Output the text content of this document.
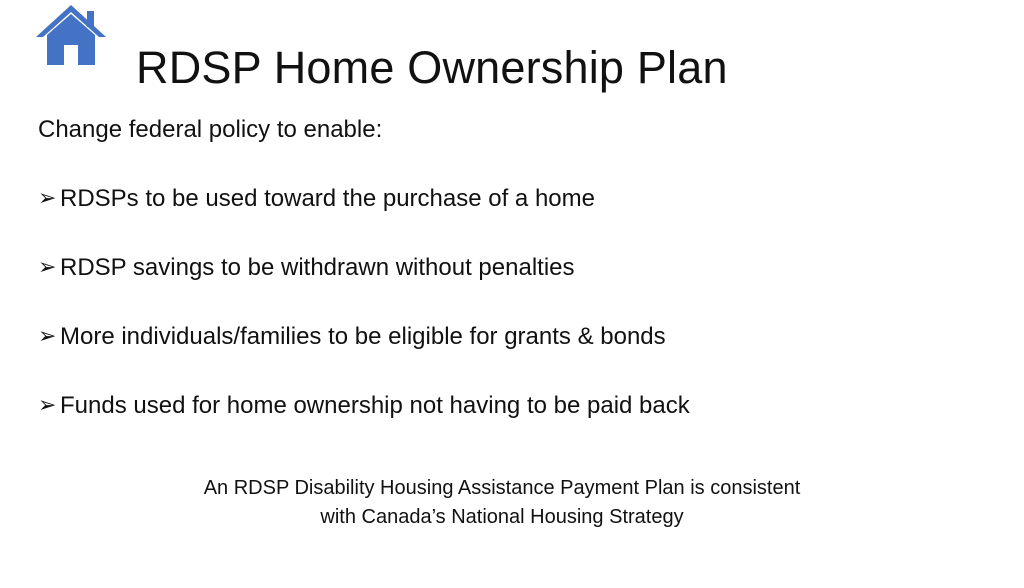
RDSP Home Ownership Plan
Change federal policy to enable:
➢ RDSPs to be used toward the purchase of a home
➢ RDSP savings to be withdrawn without penalties
➢ More individuals/families to be eligible for grants & bonds
➢ Funds used for home ownership not having to be paid back
An RDSP Disability Housing Assistance Payment Plan is consistent
with Canada’s National Housing Strategy
